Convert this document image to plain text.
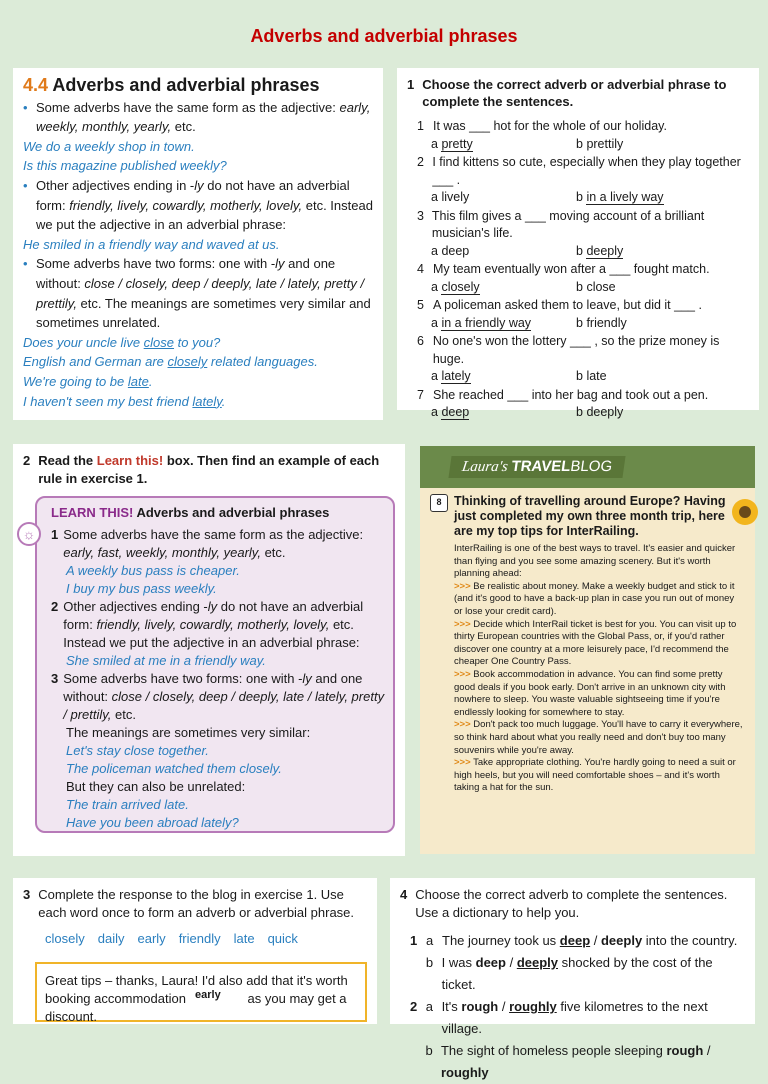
Adverbs and adverbial phrases
4.4 Adverbs and adverbial phrases
• Some adverbs have the same form as the adjective: early, weekly, monthly, yearly, etc.
We do a weekly shop in town.
Is this magazine published weekly?
• Other adjectives ending in -ly do not have an adverbial form: friendly, lively, cowardly, motherly, lovely, etc. Instead we put the adjective in an adverbial phrase:
He smiled in a friendly way and waved at us.
• Some adverbs have two forms: one with -ly and one without: close / closely, deep / deeply, late / lately, pretty / prettily, etc. The meanings are sometimes very similar and sometimes unrelated.
Does your uncle live close to you?
English and German are closely related languages.
We're going to be late.
I haven't seen my best friend lately.
1 Choose the correct adverb or adverbial phrase to complete the sentences.
1 It was ___ hot for the whole of our holiday.
a pretty	b prettily
2 I find kittens so cute, especially when they play together ___ .
a lively	b in a lively way
3 This film gives a ___ moving account of a brilliant musician's life.
a deep	b deeply
4 My team eventually won after a ___ fought match.
a closely	b close
5 A policeman asked them to leave, but did it ___ .
a in a friendly way	b friendly
6 No one's won the lottery ___ , so the prize money is huge.
a lately	b late
7 She reached ___ into her bag and took out a pen.
a deep	b deeply
2 Read the Learn this! box. Then find an example of each rule in exercise 1.
☼
LEARN THIS! Adverbs and adverbial phrases
1 Some adverbs have the same form as the adjective: early, fast, weekly, monthly, yearly, etc.
A weekly bus pass is cheaper.
I buy my bus pass weekly.
2 Other adjectives ending -ly do not have an adverbial form: friendly, lively, cowardly, motherly, lovely, etc. Instead we put the adjective in an adverbial phrase:
She smiled at me in a friendly way.
3 Some adverbs have two forms: one with -ly and one without: close / closely, deep / deeply, late / lately, pretty / prettily, etc.
The meanings are sometimes very similar:
Let's stay close together.
The policeman watched them closely.
But they can also be unrelated:
The train arrived late.
Have you been abroad lately?
Laura's TRAVELBLOG
8	Thinking of travelling around Europe? Having just completed my own three month trip, here are my top tips for InterRailing.
InterRailing is one of the best ways to travel. It's easier and quicker than flying and you see some amazing scenery. But it's worth planning ahead:
>>> Be realistic about money. Make a weekly budget and stick to it (and it's good to have a back-up plan in case you run out of money or lose your credit card).
>>> Decide which InterRail ticket is best for you. You can visit up to thirty European countries with the Global Pass, or, if you'd rather discover one country at a more leisurely pace, I'd recommend the cheaper One Country Pass.
>>> Book accommodation in advance. You can find some pretty good deals if you book early. Don't arrive in an unknown city with nowhere to sleep. You waste valuable sightseeing time if you're endlessly looking for somewhere to stay.
>>> Don't pack too much luggage. You'll have to carry it everywhere, so think hard about what you really need and don't buy too many souvenirs while you're away.
>>> Take appropriate clothing. You're hardly going to need a suit or high heels, but you will need comfortable shoes – and it's worth taking a hat for the sun.
3 Complete the response to the blog in exercise 1. Use each word once to form an adverb or adverbial phrase.
closely daily early friendly late quick
Great tips – thanks, Laura! I'd also add that it's worth
booking accommodation	as you may get a discount.
early
4 Choose the correct adverb to complete the sentences. Use a dictionary to help you.
1 a The journey took us deep / deeply into the country.
b I was deep / deeply shocked by the cost of the ticket.
2 a It's rough / roughly five kilometres to the next village.
b The sight of homeless people sleeping rough / roughly
